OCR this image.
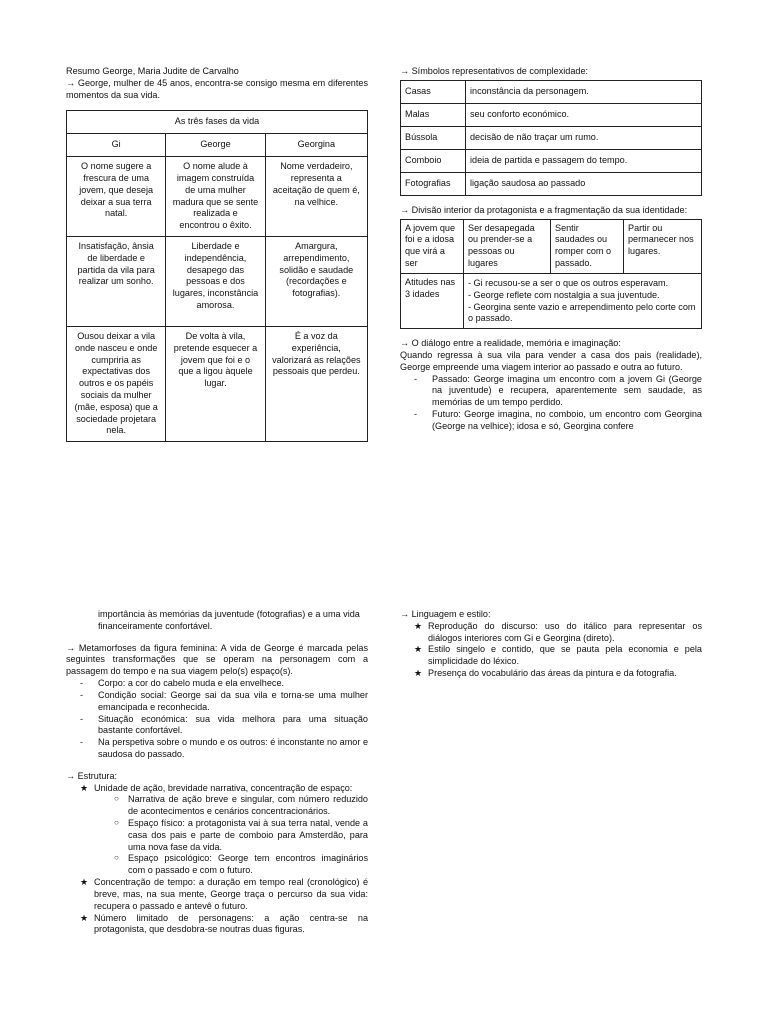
Resumo George, Maria Judite de Carvalho

→ George, mulher de 45 anos, encontra-se consigo mesma em diferentes momentos da sua vida.

As três fases da vida		
Gi	George	Georgina
O nome sugere a frescura de uma jovem, que deseja deixar a sua terra natal.	O nome alude à imagem construída de uma mulher madura que se sente realizada e encontrou o êxito.	Nome verdadeiro, representa a aceitação de quem é, na velhice.
Insatisfação, ânsia de liberdade e partida da vila para realizar um sonho.	Liberdade e independência, desapego das pessoas e dos lugares, inconstância amorosa.	Amargura, arrependimento, solidão e saudade (recordações e fotografias).
Ousou deixar a vila onde nasceu e onde cumpriria as expectativas dos outros e os papéis sociais da mulher (mãe, esposa) que a sociedade projetara nela.	De volta à vila, pretende esquecer a jovem que foi e o que a ligou àquele lugar.	É a voz da experiência, valorizará as relações pessoais que perdeu.

→ Símbolos representativos de complexidade:

Casas	inconstância da personagem.
Malas	seu conforto económico.
Bússola	decisão de não traçar um rumo.
Comboio	ideia de partida e passagem do tempo.
Fotografias	ligação saudosa ao passado

→ Divisão interior da protagonista e a fragmentação da sua identidade:

A jovem que foi e a idosa que virá a ser	Ser desapegada ou prender-se a pessoas ou lugares	Sentir saudades ou romper com o passado.	Partir ou permanecer nos lugares.
Atitudes nas 3 idades	- Gi recusou-se a ser o que os outros esperavam.
- George reflete com nostalgia a sua juventude.
- Georgina sente vazio e arrependimento pelo corte com o passado.		

→ O diálogo entre a realidade, memória e imaginação:

Quando regressa à sua vila para vender a casa dos pais (realidade), George empreende uma viagem interior ao passado e outra ao futuro.

- Passado: George imagina um encontro com a jovem Gi (George na juventude) e recupera, aparentemente sem saudade, as memórias de um tempo perdido.
- Futuro: George imagina, no comboio, um encontro com Georgina (George na velhice); idosa e só, Georgina confere

importância às memórias da juventude (fotografias) e a uma vida financeiramente confortável.

→ Metamorfoses da figura feminina: A vida de George é marcada pelas seguintes transformações que se operam na personagem com a passagem do tempo e na sua viagem pelo(s) espaço(s).

- Corpo: a cor do cabelo muda e ela envelhece.
- Condição social: George sai da sua vila e torna-se uma mulher emancipada e reconhecida.
- Situação económica: sua vida melhora para uma situação bastante confortável.
- Na perspetiva sobre o mundo e os outros: é inconstante no amor e saudosa do passado.

→ Estrutura:

★ Unidade de ação, brevidade narrativa, concentração de espaço:
○ Narrativa de ação breve e singular, com número reduzido de acontecimentos e cenários concentracionários.
○ Espaço físico: a protagonista vai à sua terra natal, vende a casa dos pais e parte de comboio para Amsterdão, para uma nova fase da vida.
○ Espaço psicológico: George tem encontros imaginários com o passado e com o futuro.
★ Concentração de tempo: a duração em tempo real (cronológico) é breve, mas, na sua mente, George traça o percurso da sua vida: recupera o passado e antevê o futuro.
★ Número limitado de personagens: a ação centra-se na protagonista, que desdobra-se noutras duas figuras.

→ Linguagem e estilo:

★ Reprodução do discurso: uso do itálico para representar os diálogos interiores com Gi e Georgina (direto).
★ Estilo singelo e contido, que se pauta pela economia e pela simplicidade do léxico.
★ Presença do vocabulário das áreas da pintura e da fotografia.
